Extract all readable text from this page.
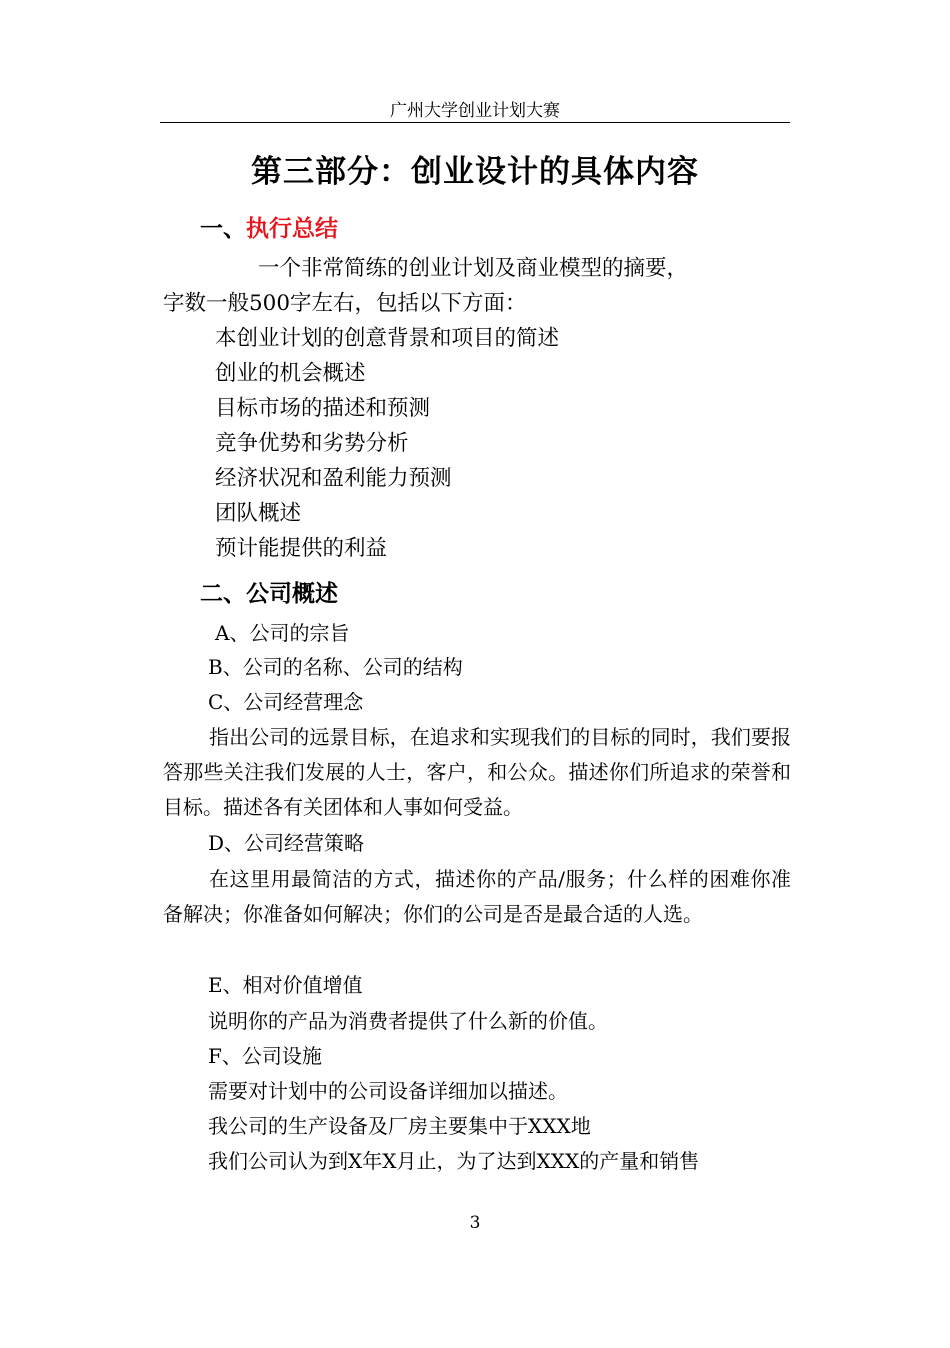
广州大学创业计划大赛
第三部分：创业设计的具体内容
一、执行总结
一个非常简练的创业计划及商业模型的摘要，
字数一般500字左右，包括以下方面：
本创业计划的创意背景和项目的简述
创业的机会概述
目标市场的描述和预测
竞争优势和劣势分析
经济状况和盈利能力预测
团队概述
预计能提供的利益
二、公司概述
A、公司的宗旨
B、公司的名称、公司的结构
C、公司经营理念
指出公司的远景目标，在追求和实现我们的目标的同时，我们要报答那些关注我们发展的人士，客户，和公众。描述你们所追求的荣誉和目标。描述各有关团体和人事如何受益。
D、公司经营策略
在这里用最简洁的方式，描述你的产品/服务；什么样的困难你准备解决；你准备如何解决；你们的公司是否是最合适的人选。
E、相对价值增值
说明你的产品为消费者提供了什么新的价值。
F、公司设施
需要对计划中的公司设备详细加以描述。
我公司的生产设备及厂房主要集中于XXX地
我们公司认为到X年X月止，为了达到XXX的产量和销售
3
